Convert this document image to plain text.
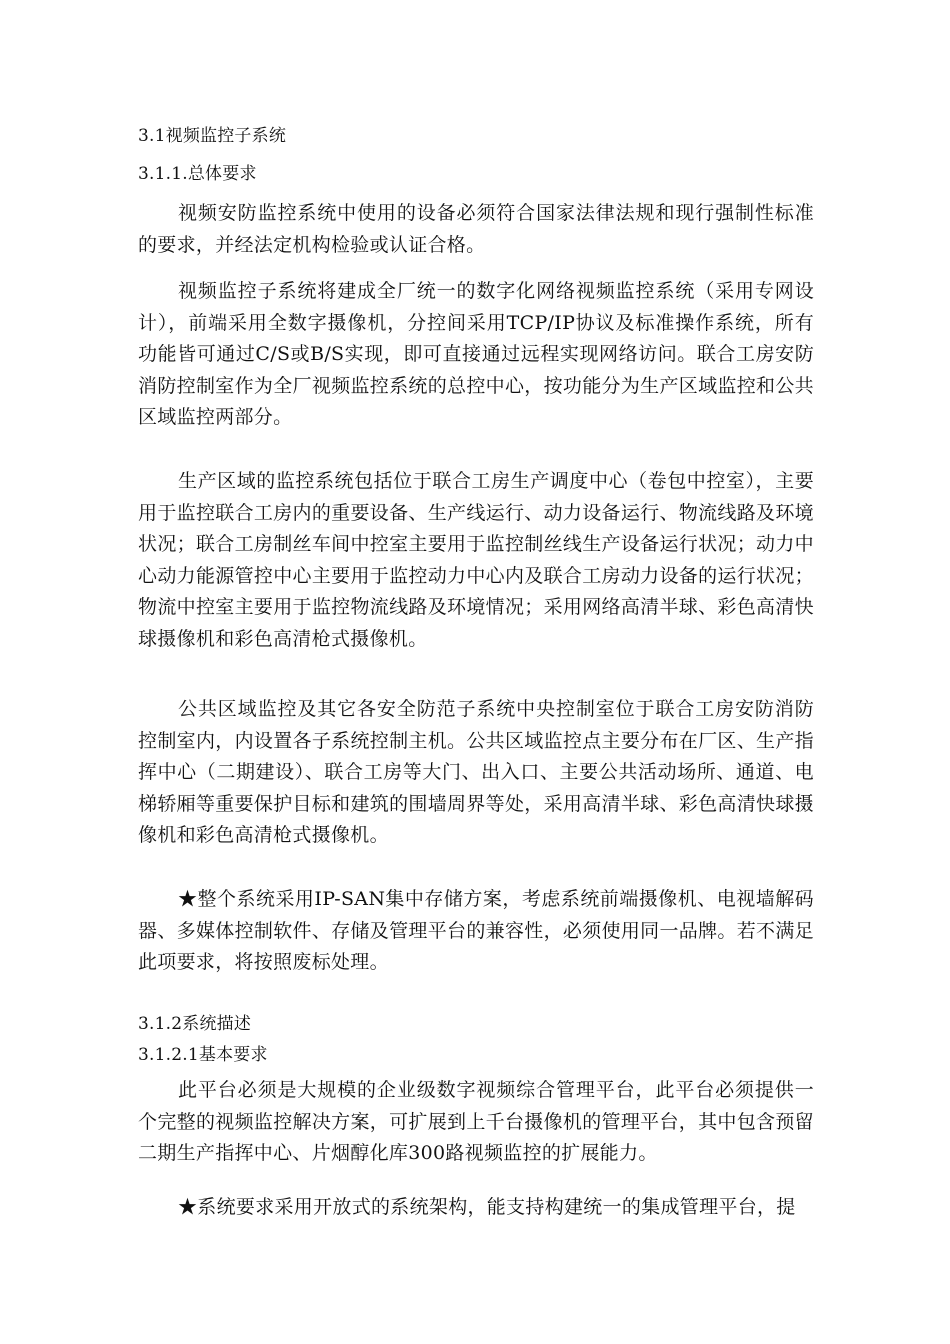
3.1视频监控子系统
3.1.1.总体要求

视频安防监控系统中使用的设备必须符合国家法律法规和现行强制性标准的要求，并经法定机构检验或认证合格。

视频监控子系统将建成全厂统一的数字化网络视频监控系统（采用专网设计），前端采用全数字摄像机，分控间采用TCP/IP协议及标准操作系统，所有功能皆可通过C/S或B/S实现，即可直接通过远程实现网络访问。联合工房安防消防控制室作为全厂视频监控系统的总控中心，按功能分为生产区域监控和公共区域监控两部分。

生产区域的监控系统包括位于联合工房生产调度中心（卷包中控室），主要用于监控联合工房内的重要设备、生产线运行、动力设备运行、物流线路及环境状况；联合工房制丝车间中控室主要用于监控制丝线生产设备运行状况；动力中心动力能源管控中心主要用于监控动力中心内及联合工房动力设备的运行状况；物流中控室主要用于监控物流线路及环境情况；采用网络高清半球、彩色高清快球摄像机和彩色高清枪式摄像机。

公共区域监控及其它各安全防范子系统中央控制室位于联合工房安防消防控制室内，内设置各子系统控制主机。公共区域监控点主要分布在厂区、生产指挥中心（二期建设）、联合工房等大门、出入口、主要公共活动场所、通道、电梯轿厢等重要保护目标和建筑的围墙周界等处，采用高清半球、彩色高清快球摄像机和彩色高清枪式摄像机。

★整个系统采用IP-SAN集中存储方案，考虑系统前端摄像机、电视墙解码器、多媒体控制软件、存储及管理平台的兼容性，必须使用同一品牌。若不满足此项要求，将按照废标处理。

3.1.2系统描述
3.1.2.1基本要求

此平台必须是大规模的企业级数字视频综合管理平台，此平台必须提供一个完整的视频监控解决方案，可扩展到上千台摄像机的管理平台，其中包含预留二期生产指挥中心、片烟醇化库300路视频监控的扩展能力。

★系统要求采用开放式的系统架构，能支持构建统一的集成管理平台，提
